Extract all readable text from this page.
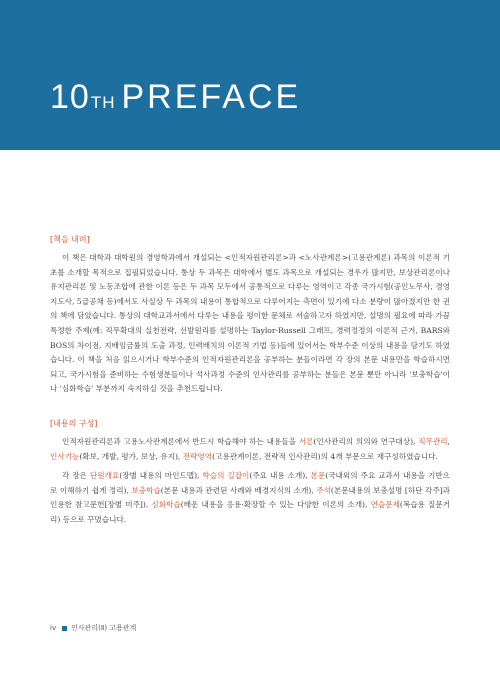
10TH PREFACE
[책을 내며]

이 책은 대학과 대학원의 경영학과에서 개설되는 <인적자원관리론>과 <노사관계론>(고용관계론) 과목의 이론적 기초를 소개할 목적으로 집필되었습니다. 통상 두 과목은 대학에서 별도 과목으로 개설되는 경우가 많지만, 보상관리론이나 유지관리론 및 노동조합에 관한 이론 등은 두 과목 모두에서 공통적으로 다루는 영역이고 각종 국가시험(공인노무사, 경영지도사, 5급공채 등)에서도 사실상 두 과목의 내용이 통합적으로 다루어지는 측면이 있기에 다소 분량이 많아졌지만 한 권의 책에 담았습니다. 통상의 대학교과서에서 다루는 내용을 평이한 문체로 서술하고자 하였지만, 설명의 필요에 따라 가끔 특정한 주제(예: 직무확대의 실천전략, 선발원리를 설명하는 Taylor-Russell 그래프, 경력정정의 이론적 근거, BARS와 BOS의 차이점, 지배임금률의 도출 과정, 인력배치의 이론적 기법 등)들에 있어서는 학부수준 이상의 내용을 담기도 하였습니다. 이 책을 처음 읽으시거나 학부수준의 인적자원관리론을 공부하는 분들이라면 각 장의 본문 내용만을 학습하시면 되고, 국가시험을 준비하는 수험생분들이나 석사과정 수준의 인사관리를 공부하는 분들은 본문 뿐만 아니라 '보충학습'이나 '심화학습' 부분까지 숙지하실 것을 추천드립니다.

[내용의 구성]

인적자원관리론과 고용노사관계론에서 반드시 학습해야 하는 내용들을 서론(인사관리의 의의와 연구대상), 직무관리, 인사기능(확보, 개발, 평가, 보상, 유지), 전략영역(고용관계이론, 전략적 인사관리)의 4개 부문으로 재구성하였습니다.

각 장은 단원개요(장별 내용의 마인드맵), 학습의 길잡이(주요 내용 소개), 본문(국내외의 주요 교과서 내용을 기반으로 이해하기 쉽게 정리), 보충학습(본문 내용과 관련된 사례와 배경지식의 소개), 주석(본문내용의 보충설명 [하단 각주]과 인용한 참고문헌[장별 미주]), 심화학습(배운 내용을 응용·확장할 수 있는 다양한 이론의 소개), 연습문제(복습용 질문거리) 등으로 꾸몄습니다.

iv 인사관리(Ⅱ) 고용관계
